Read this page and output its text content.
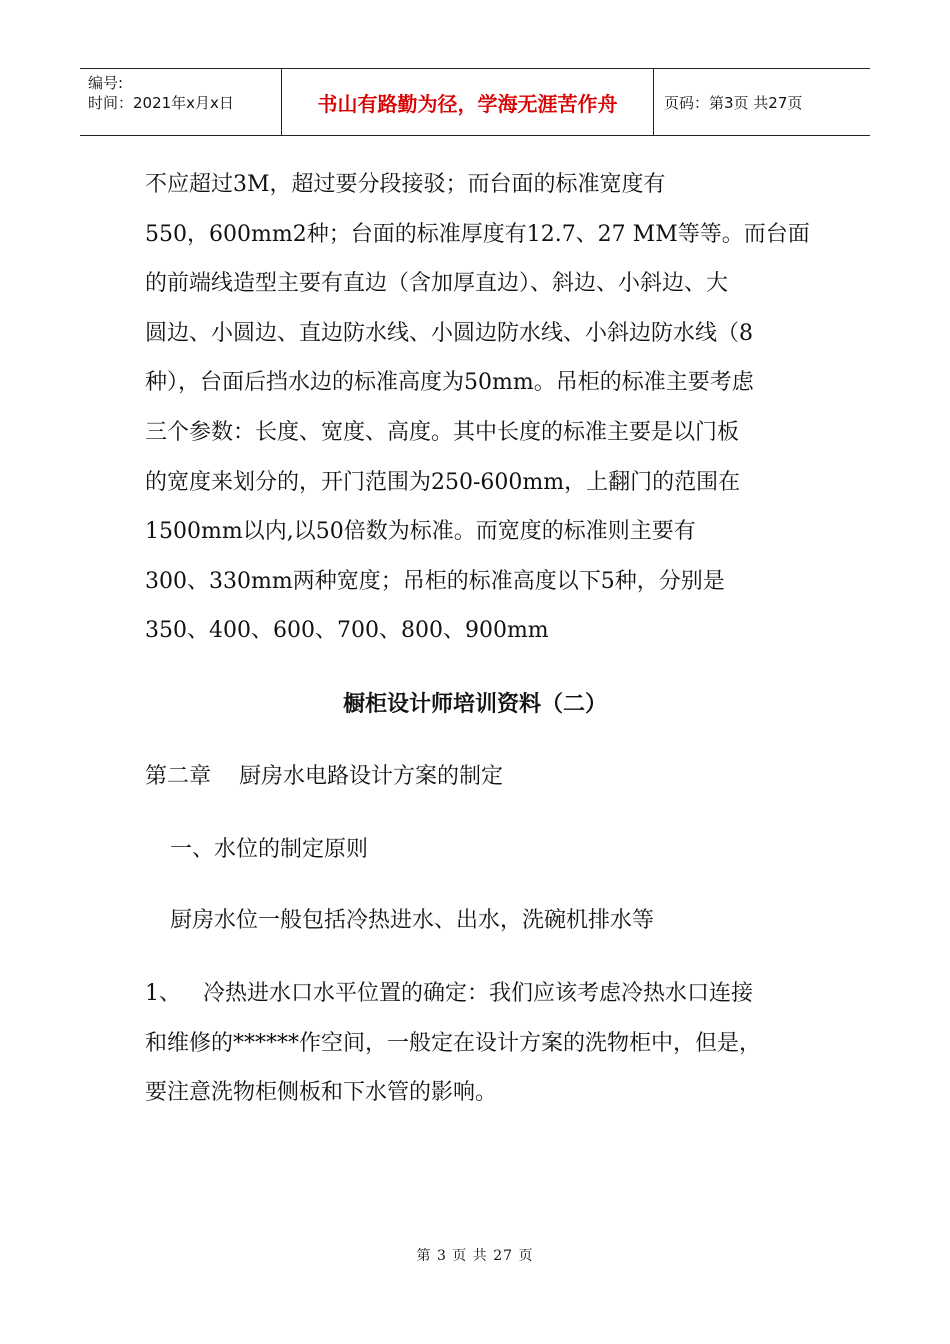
编号:
时间：2021年x月x日	书山有路勤为径，学海无涯苦作舟	页码：第3页 共27页

不应超过3M，超过要分段接驳；而台面的标准宽度有

550，600mm2种；台面的标准厚度有12.7、27 MM等等。而台面

的前端线造型主要有直边（含加厚直边）、斜边、小斜边、大

圆边、小圆边、直边防水线、小圆边防水线、小斜边防水线（8

种），台面后挡水边的标准高度为50mm。吊柜的标准主要考虑

三个参数：长度、宽度、高度。其中长度的标准主要是以门板

的宽度来划分的，开门范围为250-600mm，上翻门的范围在

1500mm以内,以50倍数为标准。而宽度的标准则主要有

300、330mm两种宽度；吊柜的标准高度以下5种，分别是

350、400、600、700、800、900mm

橱柜设计师培训资料（二）

第二章    厨房水电路设计方案的制定

一、水位的制定原则

厨房水位一般包括冷热进水、出水，洗碗机排水等

1、 冷热进水口水平位置的确定：我们应该考虑冷热水口连接

和维修的******作空间，一般定在设计方案的洗物柜中，但是，

要注意洗物柜侧板和下水管的影响。

第 3 页 共 27 页
